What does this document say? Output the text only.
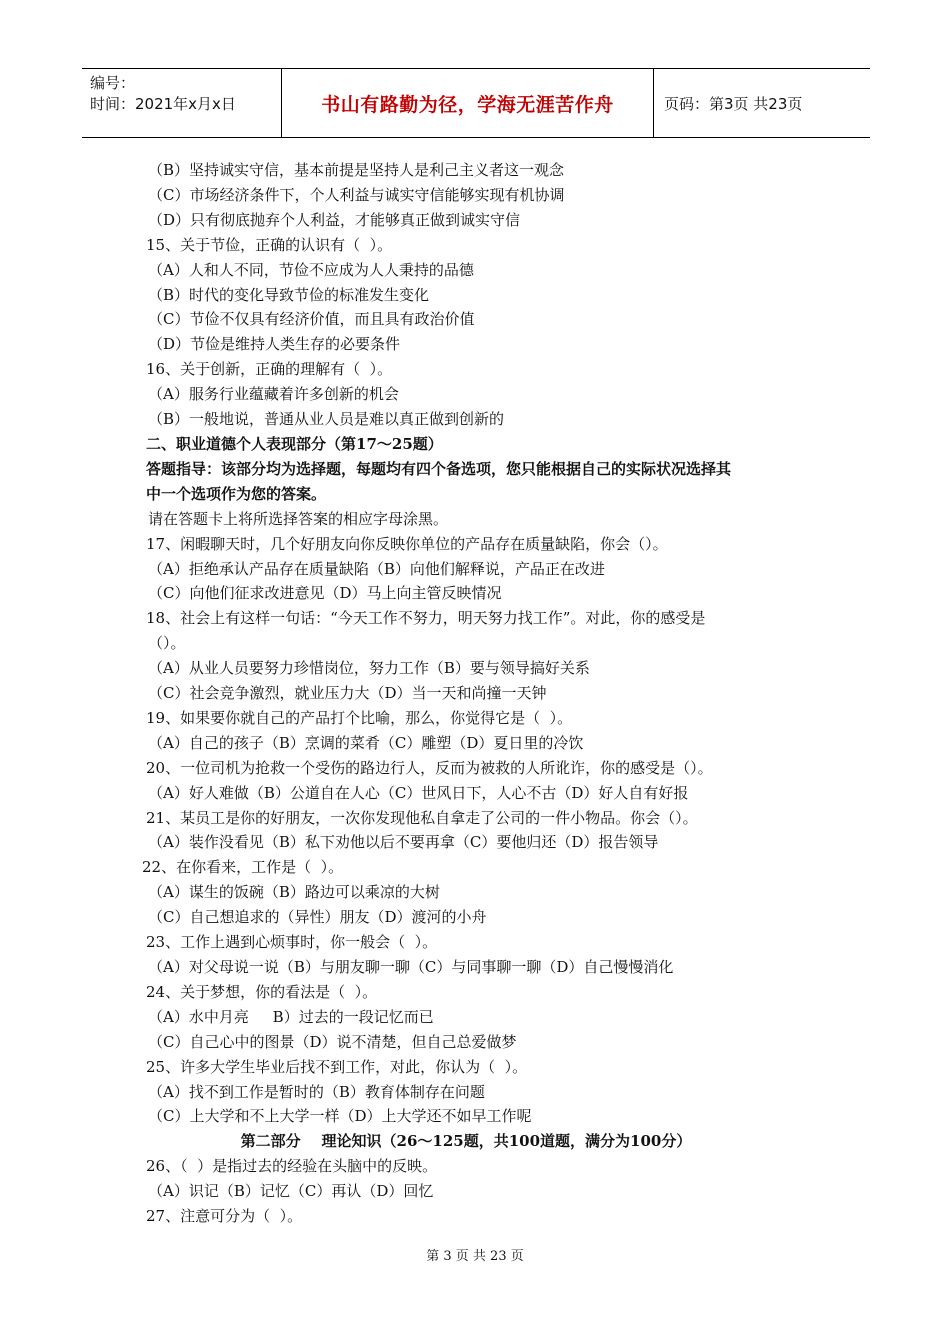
编号：
时间：2021年x月x日	书山有路勤为径，学海无涯苦作舟	页码：第3页 共23页
（B）坚持诚实守信，基本前提是坚持人是利己主义者这一观念
（C）市场经济条件下，个人利益与诚实守信能够实现有机协调
（D）只有彻底抛弃个人利益，才能够真正做到诚实守信
15、关于节俭，正确的认识有（  ）。
（A）人和人不同，节俭不应成为人人秉持的品德
（B）时代的变化导致节俭的标准发生变化
（C）节俭不仅具有经济价值，而且具有政治价值
（D）节俭是维持人类生存的必要条件
16、关于创新，正确的理解有（  ）。
（A）服务行业蕴藏着许多创新的机会
（B）一般地说，普通从业人员是难以真正做到创新的
二、职业道德个人表现部分（第17～25题）
答题指导：该部分均为选择题，每题均有四个备选项，您只能根据自己的实际状况选择其
中一个选项作为您的答案。
请在答题卡上将所选择答案的相应字母涂黑。
17、闲暇聊天时，几个好朋友向你反映你单位的产品存在质量缺陷，你会（）。
（A）拒绝承认产品存在质量缺陷（B）向他们解释说，产品正在改进
（C）向他们征求改进意见（D）马上向主管反映情况
18、社会上有这样一句话：“今天工作不努力，明天努力找工作”。对此，你的感受是
（）。
（A）从业人员要努力珍惜岗位，努力工作（B）要与领导搞好关系
（C）社会竞争激烈，就业压力大（D）当一天和尚撞一天钟
19、如果要你就自己的产品打个比喻，那么，你觉得它是（  ）。
（A）自己的孩子（B）烹调的菜肴（C）雕塑（D）夏日里的冷饮
20、一位司机为抢救一个受伤的路边行人，反而为被救的人所讹诈，你的感受是（）。
（A）好人难做（B）公道自在人心（C）世风日下，人心不古（D）好人自有好报
21、某员工是你的好朋友，一次你发现他私自拿走了公司的一件小物品。你会（）。
（A）装作没看见（B）私下劝他以后不要再拿（C）要他归还（D）报告领导
22、在你看来，工作是（  ）。
（A）谋生的饭碗（B）路边可以乘凉的大树
（C）自己想追求的（异性）朋友（D）渡河的小舟
23、工作上遇到心烦事时，你一般会（  ）。
（A）对父母说一说（B）与朋友聊一聊（C）与同事聊一聊（D）自己慢慢消化
24、关于梦想，你的看法是（  ）。
（A）水中月亮     B）过去的一段记忆而已
（C）自己心中的图景（D）说不清楚，但自己总爱做梦
25、许多大学生毕业后找不到工作，对此，你认为（  ）。
（A）找不到工作是暂时的（B）教育体制存在问题
（C）上大学和不上大学一样（D）上大学还不如早工作呢
第二部分    理论知识（26～125题，共100道题，满分为100分）
26、（  ）是指过去的经验在头脑中的反映。
（A）识记（B）记忆（C）再认（D）回忆
27、注意可分为（  ）。
第 3 页 共 23 页
